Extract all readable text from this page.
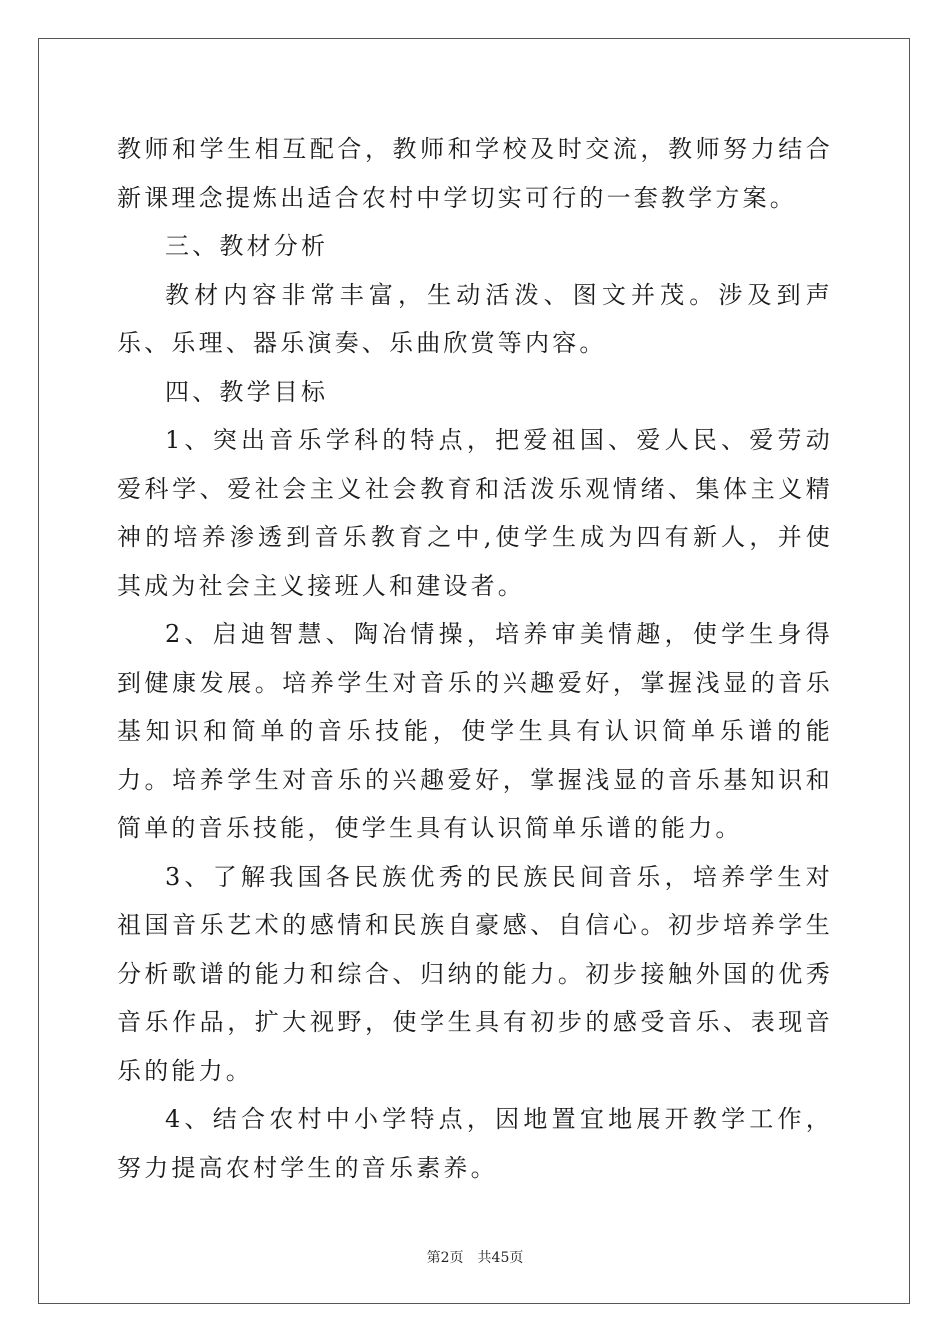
教师和学生相互配合，教师和学校及时交流，教师努力结合新课理念提炼出适合农村中学切实可行的一套教学方案。

三、教材分析

教材内容非常丰富，生动活泼、图文并茂。涉及到声乐、乐理、器乐演奏、乐曲欣赏等内容。

四、教学目标

1、突出音乐学科的特点，把爱祖国、爱人民、爱劳动爱科学、爱社会主义社会教育和活泼乐观情绪、集体主义精神的培养渗透到音乐教育之中,使学生成为四有新人，并使其成为社会主义接班人和建设者。

2、启迪智慧、陶冶情操，培养审美情趣，使学生身得到健康发展。培养学生对音乐的兴趣爱好，掌握浅显的音乐基知识和简单的音乐技能，使学生具有认识简单乐谱的能力。培养学生对音乐的兴趣爱好，掌握浅显的音乐基知识和简单的音乐技能，使学生具有认识简单乐谱的能力。

3、了解我国各民族优秀的民族民间音乐，培养学生对祖国音乐艺术的感情和民族自豪感、自信心。初步培养学生分析歌谱的能力和综合、归纳的能力。初步接触外国的优秀音乐作品，扩大视野，使学生具有初步的感受音乐、表现音乐的能力。

4、结合农村中小学特点，因地置宜地展开教学工作，努力提高农村学生的音乐素养。

第2页 共45页
